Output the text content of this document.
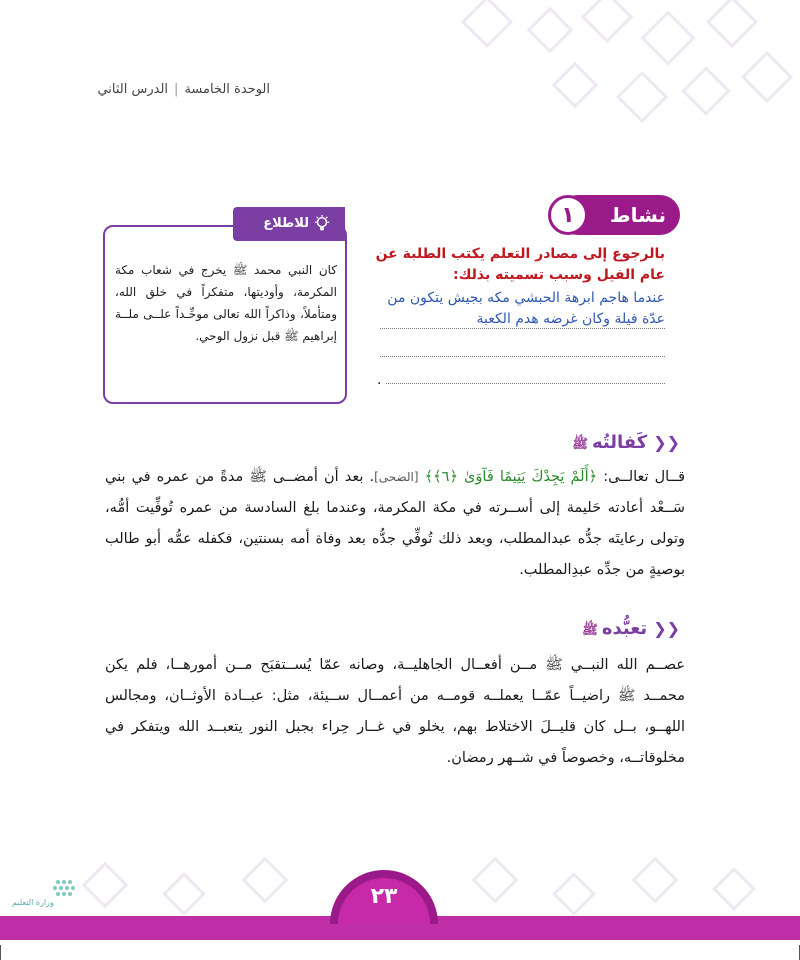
الوحدة الخامسة|الدرس الثاني
١	نشاط
بالرجوع إلى مصادر التعلم يكتب الطلبة عن عام الفيل وسبب تسميته بذلك:
عندما هاجم ابرهة الحبشي مكه بجيش يتكون من عدّة فيلة وكان غرضه هدم الكعبة
.
للاطلاع
كان النبي محمد ﷺ يخرج في شعاب مكة المكرمة، وأوديتها، متفكراً في خلق الله، ومتأملاً، وذاكراً الله تعالى موحِّـداً علــى ملــة إبراهيم ﷺ قبل نزول الوحي.
❮❮كَفالتُهﷺ
قــال تعالــى: ﴿أَلَمْ يَجِدْكَ يَتِيمًا فَآوَىٰ ﴿٦﴾﴾ [الضحى]. بعد أن أمضــى ﷺ مدةً من عمره في بني سَــعْد أعادته حَليمة إلى أســرته في مكة المكرمة، وعندما بلغ السادسة من عمره تُوفِّيت أمُّه، وتولى رعايتَه جدُّه عبدالمطلب، وبعد ذلك تُوفِّي جدُّه بعد وفاة أمه بسنتين، فكفله عمُّه أبو طالب بوصيةٍ من جدِّه عبدِالمطلب.
❮❮تعبُّدهﷺ
عصــم الله النبــي ﷺ مــن أفعــال الجاهليــة، وصانه عمّا يُســتقبَح مــن أمورهــا، فلم يكن محمــد ﷺ راضيــاً عمّــا يعملــه قومــه من أعمــال ســيئة، مثل: عبــادة الأوثــان، ومجالس اللهــو، بــل كان قليــلَ الاختلاط بهم، يخلو في غــار حِراء بجبل النور يتعبــد الله ويتفكر في مخلوقاتــه، وخصوصاً في شــهر رمضان.
٢٣
وزارة التعليم
